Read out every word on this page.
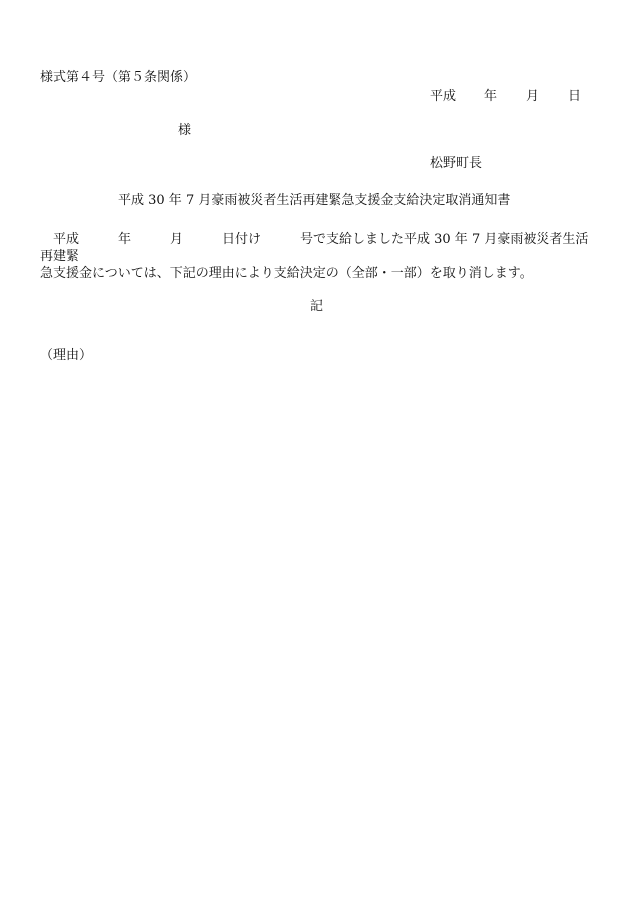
様式第４号（第５条関係）
平成 年 月 日
様
松野町長
平成 30 年 7 月豪雨被災者生活再建緊急支援金支給決定取消通知書
平成　　　年　　　月　　　日付け　　　号で支給しました平成 30 年 7 月豪雨被災者生活再建緊
急支援金については、下記の理由により支給決定の（全部・一部）を取り消します。
記
（理由）
